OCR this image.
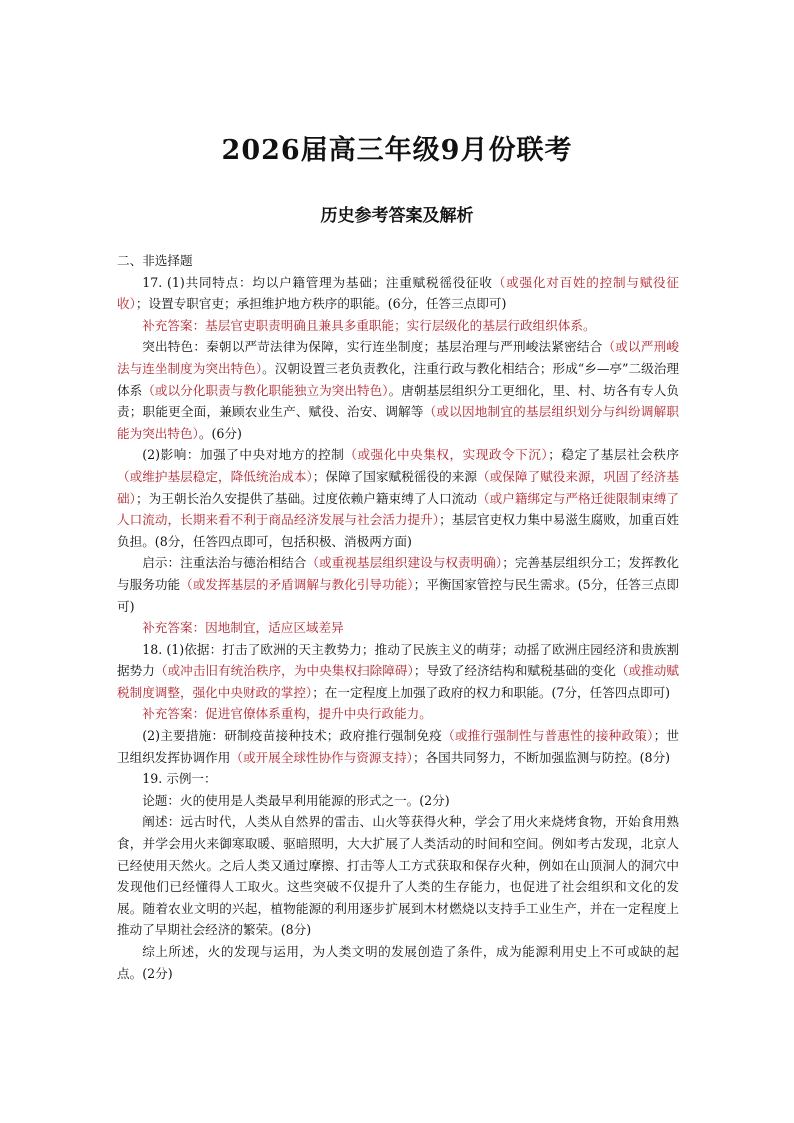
2026届高三年级9月份联考
历史参考答案及解析

二、非选择题

17. (1)共同特点：均以户籍管理为基础；注重赋税徭役征收（或强化对百姓的控制与赋役征收）；设置专职官吏；承担维护地方秩序的职能。(6分，任答三点即可)

补充答案：基层官吏职责明确且兼具多重职能；实行层级化的基层行政组织体系。

突出特色：秦朝以严苛法律为保障，实行连坐制度；基层治理与严刑峻法紧密结合（或以严刑峻法与连坐制度为突出特色）。汉朝设置三老负责教化，注重行政与教化相结合；形成“乡—亭”二级治理体系（或以分化职责与教化职能独立为突出特色）。唐朝基层组织分工更细化，里、村、坊各有专人负责；职能更全面，兼顾农业生产、赋役、治安、调解等（或以因地制宜的基层组织划分与纠纷调解职能为突出特色）。(6分)

(2)影响：加强了中央对地方的控制（或强化中央集权，实现政令下沉）；稳定了基层社会秩序（或维护基层稳定，降低统治成本）；保障了国家赋税徭役的来源（或保障了赋役来源，巩固了经济基础）；为王朝长治久安提供了基础。过度依赖户籍束缚了人口流动（或户籍绑定与严格迁徙限制束缚了人口流动，长期来看不利于商品经济发展与社会活力提升）；基层官吏权力集中易滋生腐败，加重百姓负担。(8分，任答四点即可，包括积极、消极两方面)

启示：注重法治与德治相结合（或重视基层组织建设与权责明确）；完善基层组织分工；发挥教化与服务功能（或发挥基层的矛盾调解与教化引导功能）；平衡国家管控与民生需求。(5分，任答三点即可)

补充答案：因地制宜，适应区域差异

18. (1)依据：打击了欧洲的天主教势力；推动了民族主义的萌芽；动摇了欧洲庄园经济和贵族割据势力（或冲击旧有统治秩序，为中央集权扫除障碍）；导致了经济结构和赋税基础的变化（或推动赋税制度调整，强化中央财政的掌控）；在一定程度上加强了政府的权力和职能。(7分，任答四点即可)

补充答案：促进官僚体系重构，提升中央行政能力。

(2)主要措施：研制疫苗接种技术；政府推行强制免疫（或推行强制性与普惠性的接种政策）；世卫组织发挥协调作用（或开展全球性协作与资源支持）；各国共同努力，不断加强监测与防控。(8分)

19. 示例一：

论题：火的使用是人类最早利用能源的形式之一。(2分)

阐述：远古时代，人类从自然界的雷击、山火等获得火种，学会了用火来烧烤食物，开始食用熟食，并学会用火来御寒取暖、驱暗照明，大大扩展了人类活动的时间和空间。例如考古发现，北京人已经使用天然火。之后人类又通过摩擦、打击等人工方式获取和保存火种，例如在山顶洞人的洞穴中发现他们已经懂得人工取火。这些突破不仅提升了人类的生存能力，也促进了社会组织和文化的发展。随着农业文明的兴起，植物能源的利用逐步扩展到木材燃烧以支持手工业生产，并在一定程度上推动了早期社会经济的繁荣。(8分)

综上所述，火的发现与运用，为人类文明的发展创造了条件，成为能源利用史上不可或缺的起点。(2分)
